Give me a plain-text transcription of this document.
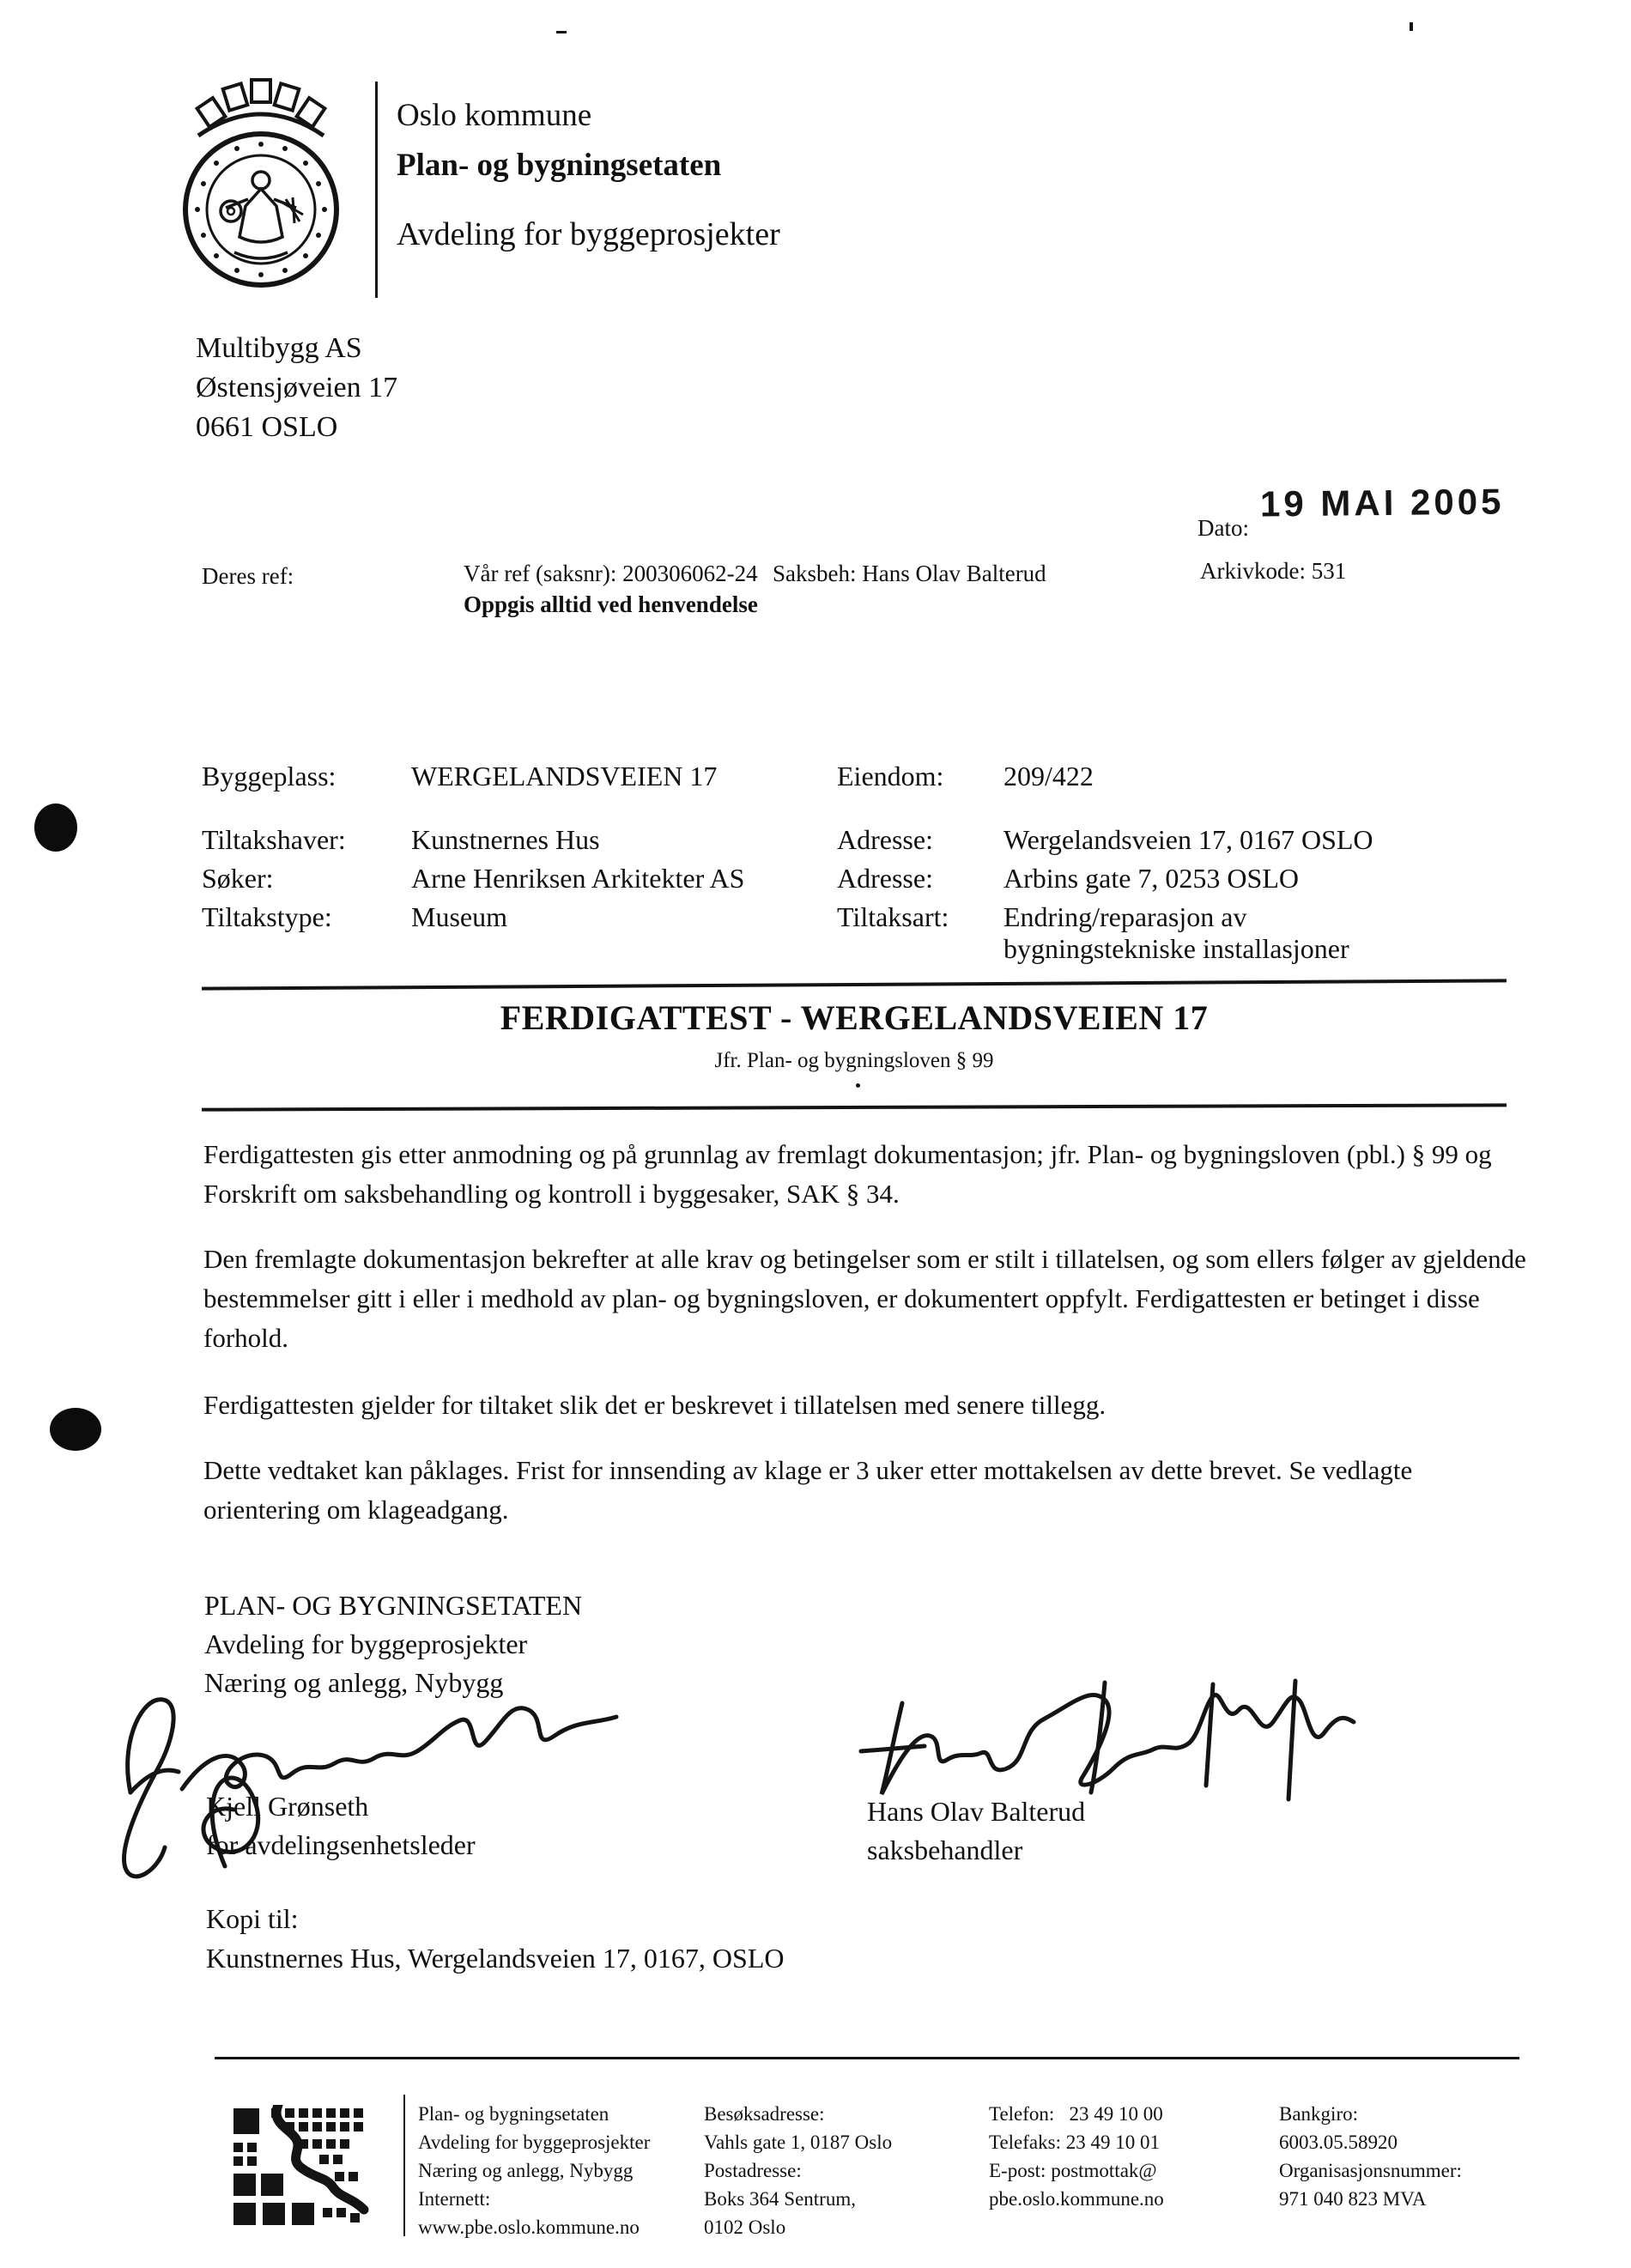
Oslo kommune
Plan- og bygningsetaten
Avdeling for byggeprosjekter
Multibygg AS
Østensjøveien 17
0661 OSLO
Dato:
19 MAI 2005
Deres ref:	Vår ref (saksnr): 200306062-24
Oppgis alltid ved henvendelse
Saksbeh: Hans Olav Balterud	Arkivkode: 531
Byggeplass:	WERGELANDSVEIEN 17	Eiendom: 209/422
Tiltakshaver: Kunstnernes Hus	Adresse:	Wergelandsveien 17, 0167 OSLO
Søker:	Arne Henriksen Arkitekter AS	Adresse:	Arbins gate 7, 0253 OSLO
Tiltakstype:	Museum	Tiltaksart: Endring/reparasjon av bygningstekniske installasjoner
FERDIGATTEST - WERGELANDSVEIEN 17
Jfr. Plan- og bygningsloven § 99
Ferdigattesten gis etter anmodning og på grunnlag av fremlagt dokumentasjon; jfr. Plan- og bygningsloven (pbl.) § 99 og Forskrift om saksbehandling og kontroll i byggesaker, SAK § 34.
Den fremlagte dokumentasjon bekrefter at alle krav og betingelser som er stilt i tillatelsen, og som ellers følger av gjeldende bestemmelser gitt i eller i medhold av plan- og bygningsloven, er dokumentert oppfylt. Ferdigattesten er betinget i disse forhold.
Ferdigattesten gjelder for tiltaket slik det er beskrevet i tillatelsen med senere tillegg.
Dette vedtaket kan påklages. Frist for innsending av klage er 3 uker etter mottakelsen av dette brevet. Se vedlagte orientering om klageadgang.
PLAN- OG BYGNINGSETATEN
Avdeling for byggeprosjekter
Næring og anlegg, Nybygg
Kjell Grønseth
for avdelingsenhetsleder
Hans Olav Balterud
saksbehandler
Kopi til:
Kunstnernes Hus, Wergelandsveien 17, 0167, OSLO
Plan- og bygningsetaten
Avdeling for byggeprosjekter
Næring og anlegg, Nybygg
Internett:
www.pbe.oslo.kommune.no
Besøksadresse:
Vahls gate 1, 0187 Oslo
Postadresse:
Boks 364 Sentrum,
0102 Oslo
Telefon:   23 49 10 00
Telefaks: 23 49 10 01
E-post: postmottak@
pbe.oslo.kommune.no
Bankgiro:
6003.05.58920
Organisasjonsnummer:
971 040 823 MVA
